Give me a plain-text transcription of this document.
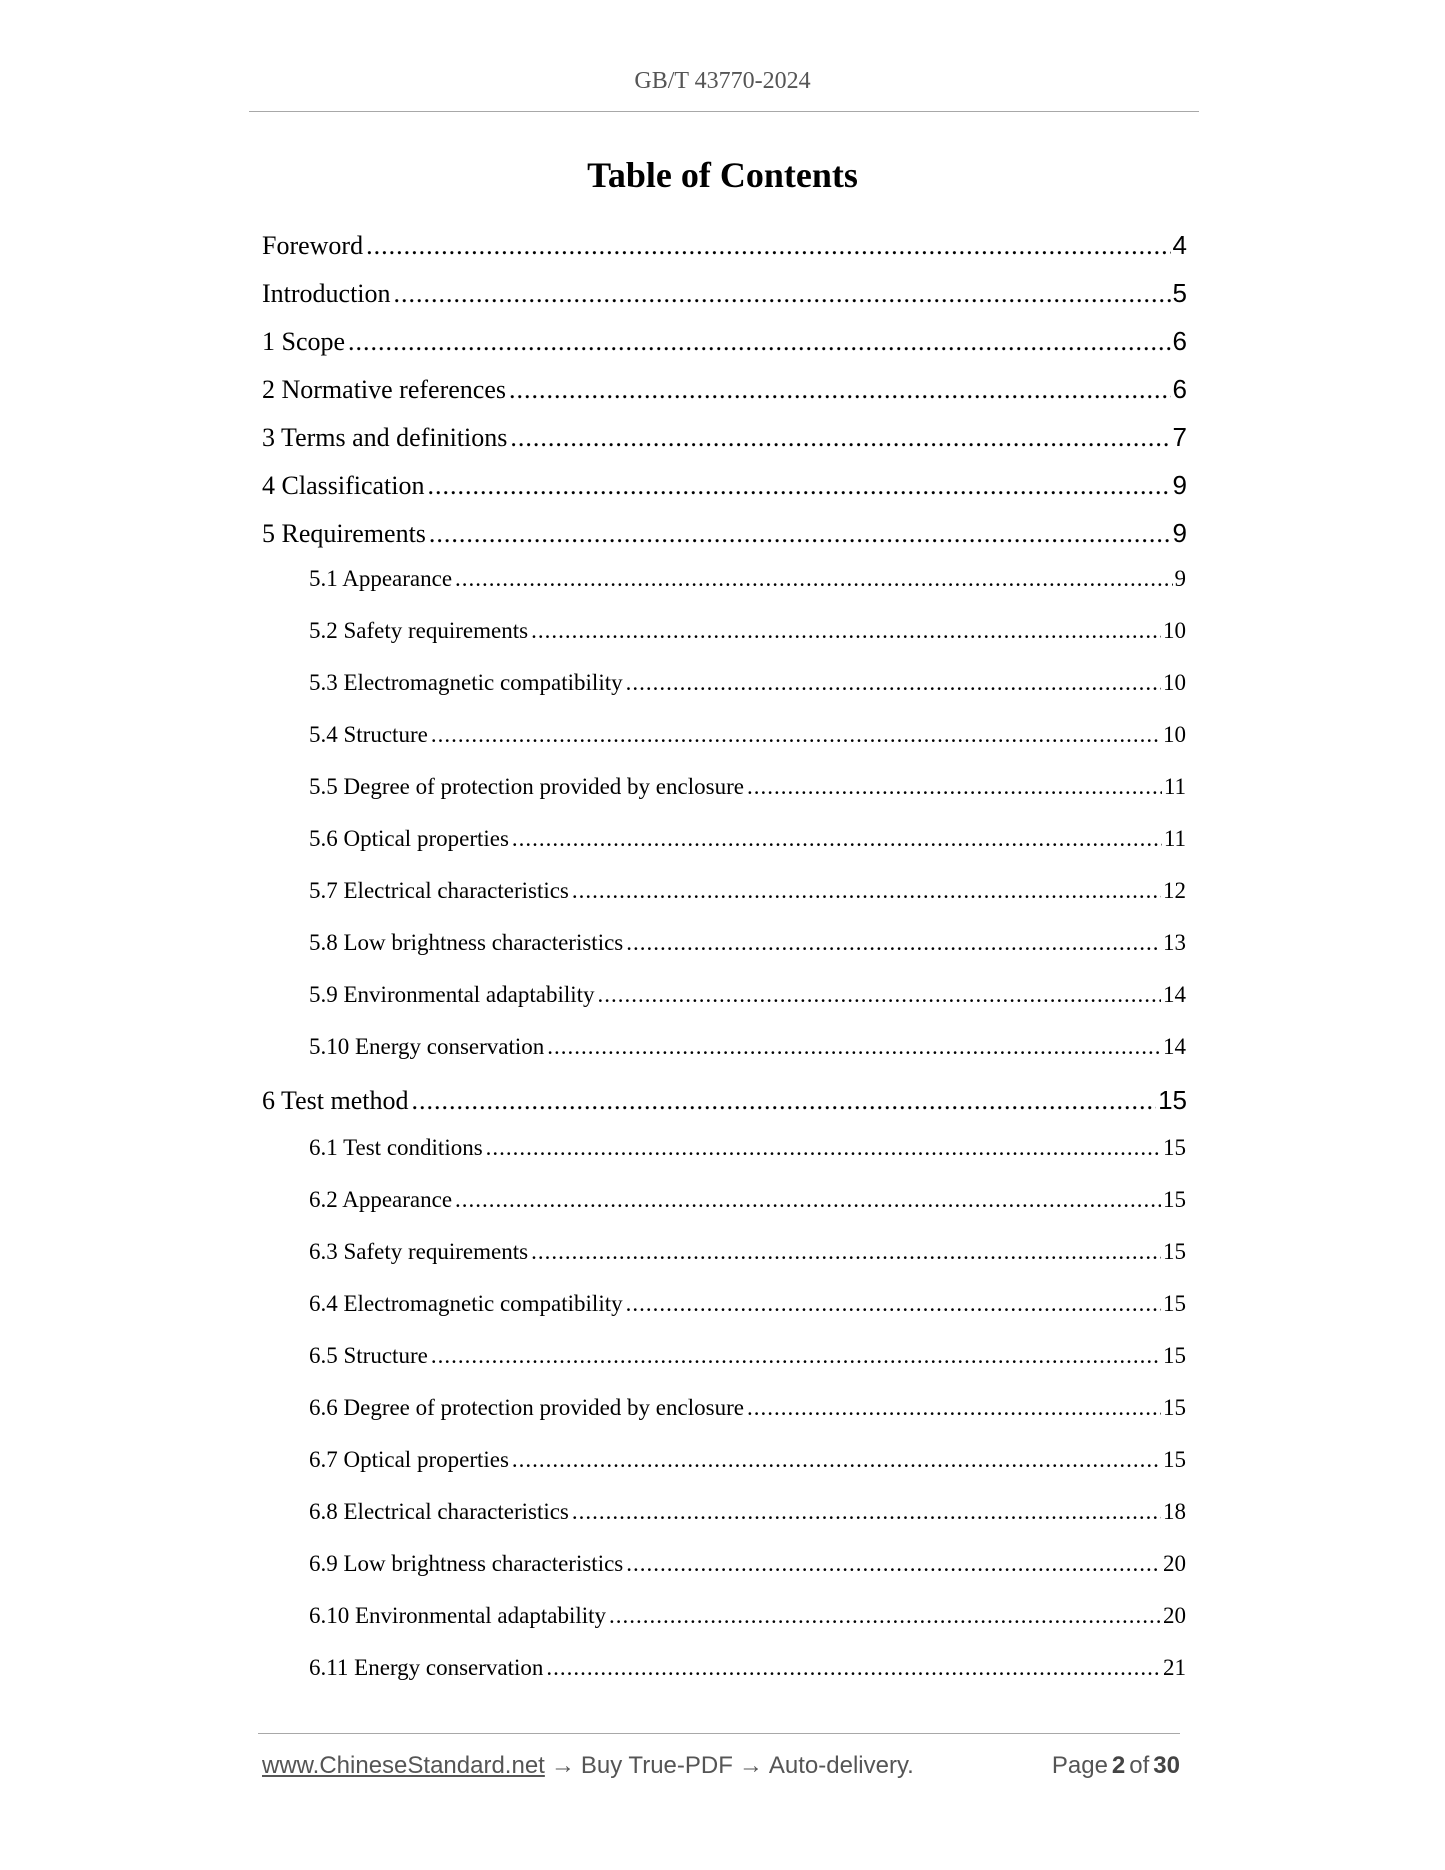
GB/T 43770-2024
Table of Contents
Foreword .....	4
Introduction .....	5
1 Scope .....	6
2 Normative references .....	6
3 Terms and definitions .....	7
4 Classification .....	9
5 Requirements .....	9
5.1 Appearance .....	9
5.2 Safety requirements .....	10
5.3 Electromagnetic compatibility .....	10
5.4 Structure .....	10
5.5 Degree of protection provided by enclosure .....	11
5.6 Optical properties .....	11
5.7 Electrical characteristics .....	12
5.8 Low brightness characteristics .....	13
5.9 Environmental adaptability .....	14
5.10 Energy conservation .....	14
6 Test method .....	15
6.1 Test conditions .....	15
6.2 Appearance .....	15
6.3 Safety requirements .....	15
6.4 Electromagnetic compatibility .....	15
6.5 Structure .....	15
6.6 Degree of protection provided by enclosure .....	15
6.7 Optical properties .....	15
6.8 Electrical characteristics .....	18
6.9 Low brightness characteristics .....	20
6.10 Environmental adaptability .....	20
6.11 Energy conservation .....	21
www.ChineseStandard.net → Buy True-PDF → Auto-delivery.	Page 2 of 30
